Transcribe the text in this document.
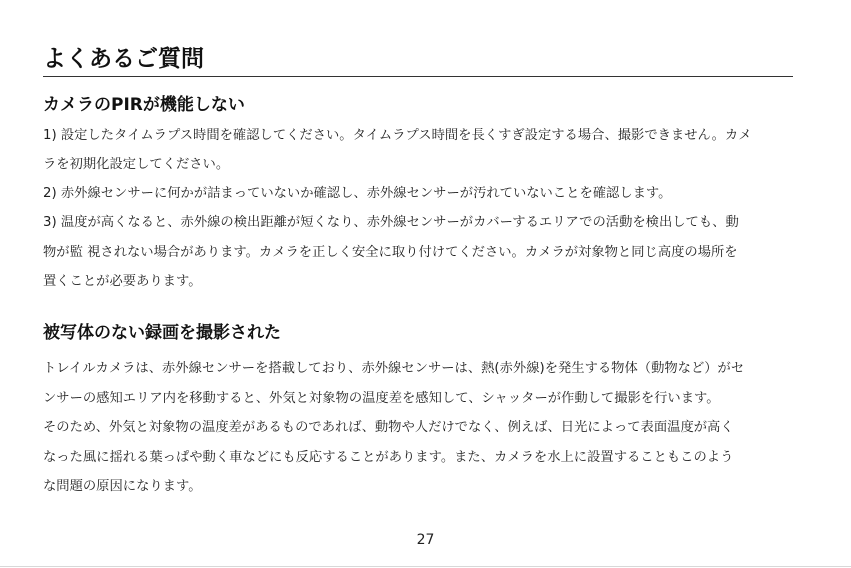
よくあるご質問
カメラのPIRが機能しない
1) 設定したタイムラプス時間を確認してください。タイムラプス時間を長くすぎ設定する場合、撮影できません。カメ
ラを初期化設定してください。
2) 赤外線センサーに何かが詰まっていないか確認し、赤外線センサーが汚れていないことを確認します。
3) 温度が高くなると、赤外線の検出距離が短くなり、赤外線センサーがカバーするエリアでの活動を検出しても、動
物が監 視されない場合があります。カメラを正しく安全に取り付けてください。カメラが対象物と同じ高度の場所を
置くことが必要あります。
被写体のない録画を撮影された
トレイルカメラは、赤外線センサーを搭載しており、赤外線センサーは、熱(赤外線)を発生する物体（動物など）がセ
ンサーの感知エリア内を移動すると、外気と対象物の温度差を感知して、シャッターが作動して撮影を行います。
そのため、外気と対象物の温度差があるものであれば、動物や人だけでなく、例えば、日光によって表面温度が高く
なった風に揺れる葉っぱや動く車などにも反応することがあります。また、カメラを水上に設置することもこのよう
な問題の原因になります。
27
